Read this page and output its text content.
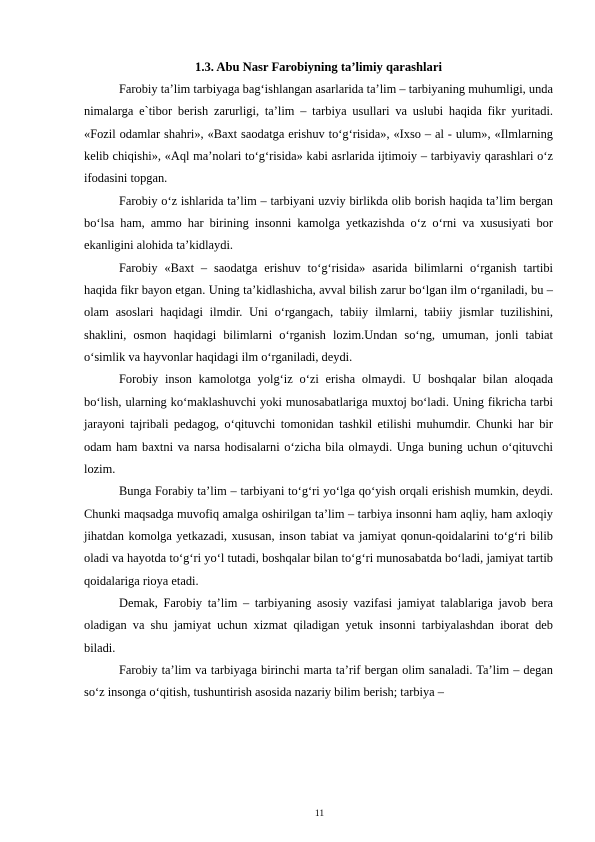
1.3. Abu Nasr Farobiyning ta’limiy qarashlari

Farobiy ta’lim tarbiyaga bag‘ishlangan asarlarida ta’lim – tarbiyaning muhumligi, unda nimalarga e`tibor berish zarurligi, ta’lim – tarbiya usullari va uslubi haqida fikr yuritadi. «Fozil odamlar shahri», «Baxt saodatga erishuv to‘g‘risida», «Ixso – al - ulum», «Ilmlarning kelib chiqishi», «Aql ma’nolari to‘g‘risida» kabi asrlarida ijtimoiy – tarbiyaviy qarashlari o‘z ifodasini topgan.

Farobiy o‘z ishlarida ta’lim – tarbiyani uzviy birlikda olib borish haqida ta’lim bergan bo‘lsa ham, ammo har birining insonni kamolga yetkazishda o‘z o‘rni va xususiyati bor ekanligini alohida ta’kidlaydi.

Farobiy «Baxt – saodatga erishuv to‘g‘risida» asarida bilimlarni o‘rganish tartibi haqida fikr bayon etgan. Uning ta’kidlashicha, avval bilish zarur bo‘lgan ilm o‘rganiladi, bu – olam asoslari haqidagi ilmdir. Uni o‘rgangach, tabiiy ilmlarni, tabiiy jismlar tuzilishini, shaklini, osmon haqidagi bilimlarni o‘rganish lozim.Undan so‘ng, umuman, jonli tabiat o‘simlik va hayvonlar haqidagi ilm o‘rganiladi, deydi.

Forobiy inson kamolotga yolg‘iz o‘zi erisha olmaydi. U boshqalar bilan aloqada bo‘lish, ularning ko‘maklashuvchi yoki munosabatlariga muxtoj bo‘ladi. Uning fikricha tarbi jarayoni tajribali pedagog, o‘qituvchi tomonidan tashkil etilishi muhumdir. Chunki har bir odam ham baxtni va narsa hodisalarni o‘zicha bila olmaydi. Unga buning uchun o‘qituvchi lozim.

Bunga Forabiy ta’lim – tarbiyani to‘g‘ri yo‘lga qo‘yish orqali erishish mumkin, deydi. Chunki maqsadga muvofiq amalga oshirilgan ta’lim – tarbiya insonni ham aqliy, ham axloqiy jihatdan komolga yetkazadi, xususan, inson tabiat va jamiyat qonun-qoidalarini to‘g‘ri bilib oladi va hayotda to‘g‘ri yo‘l tutadi, boshqalar bilan to‘g‘ri munosabatda bo‘ladi, jamiyat tartib qoidalariga rioya etadi.

Demak, Farobiy ta’lim – tarbiyaning asosiy vazifasi jamiyat talablariga javob bera oladigan va shu jamiyat uchun xizmat qiladigan yetuk insonni tarbiyalashdan iborat deb biladi.

Farobiy ta’lim va tarbiyaga birinchi marta ta’rif bergan olim sanaladi. Ta’lim – degan so‘z insonga o‘qitish, tushuntirish asosida nazariy bilim berish; tarbiya –

11
